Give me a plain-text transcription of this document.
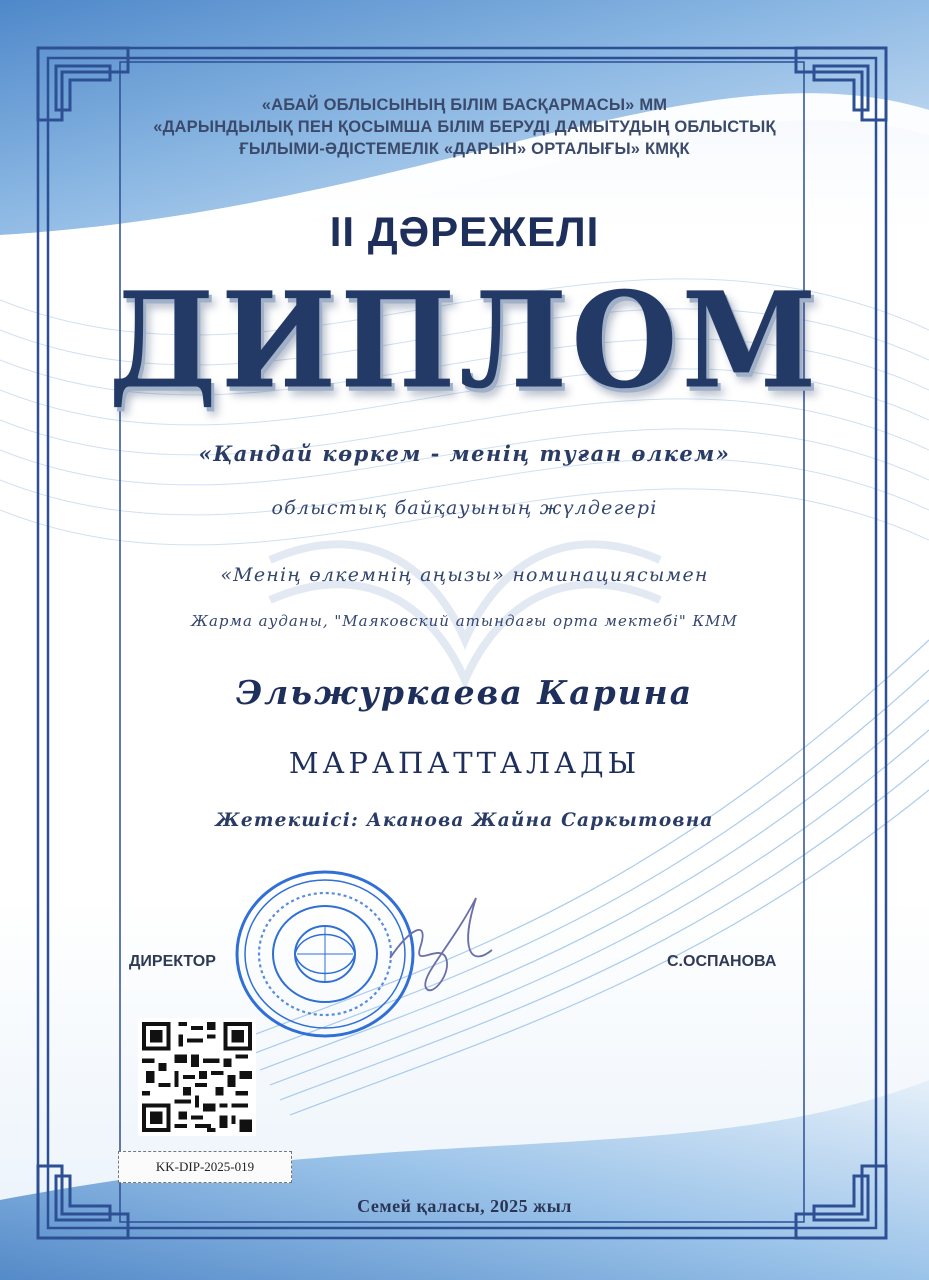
«АБАЙ ОБЛЫСЫНЫҢ БІЛІМ БАСҚАРМАСЫ» ММ
«ДАРЫНДЫЛЫҚ ПЕН ҚОСЫМША БІЛІМ БЕРУДІ ДАМЫТУДЫҢ ОБЛЫСТЫҚ
ҒЫЛЫМИ-ӘДІСТЕМЕЛІК «ДАРЫН» ОРТАЛЫҒЫ» КМҚК
ІІ ДӘРЕЖЕЛІ
ДИПЛОМ
«Қандай көркем - менің туған өлкем»
облыстық байқауының жүлдегері
«Менің өлкемнің аңызы» номинациясымен
Жарма ауданы, "Маяковский атындағы орта мектебі" КММ
Эльжуркаева Карина
МАРАПАТТАЛАДЫ
Жетекшісі: Аканова Жайна Саркытовна
ДИРЕКТОР	С.ОСПАНОВА
KK-DIP-2025-019
Семей қаласы, 2025 жыл
